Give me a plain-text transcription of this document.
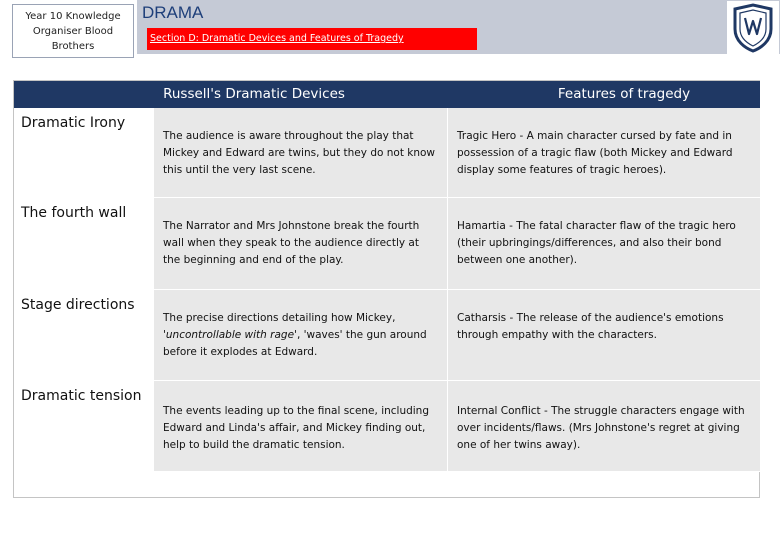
Year 10 Knowledge
Organiser Blood
Brothers
DRAMA
Section D: Dramatic Devices and Features of Tragedy
Russell's Dramatic Devices	Features of tragedy
Dramatic Irony
The audience is aware throughout the play that Mickey and Edward are twins, but they do not know this until the very last scene.
Tragic Hero - A main character cursed by fate and in possession of a tragic flaw (both Mickey and Edward display some features of tragic heroes).
The fourth wall
The Narrator and Mrs Johnstone break the fourth wall when they speak to the audience directly at the beginning and end of the play.
Hamartia - The fatal character flaw of the tragic hero (their upbringings/differences, and also their bond between one another).
Stage directions
The precise directions detailing how Mickey, 'uncontrollable with rage', 'waves' the gun around before it explodes at Edward.
Catharsis - The release of the audience's emotions through empathy with the characters.
Dramatic tension
The events leading up to the final scene, including Edward and Linda's affair, and Mickey finding out, help to build the dramatic tension.
Internal Conflict - The struggle characters engage with over incidents/flaws. (Mrs Johnstone's regret at giving one of her twins away).
